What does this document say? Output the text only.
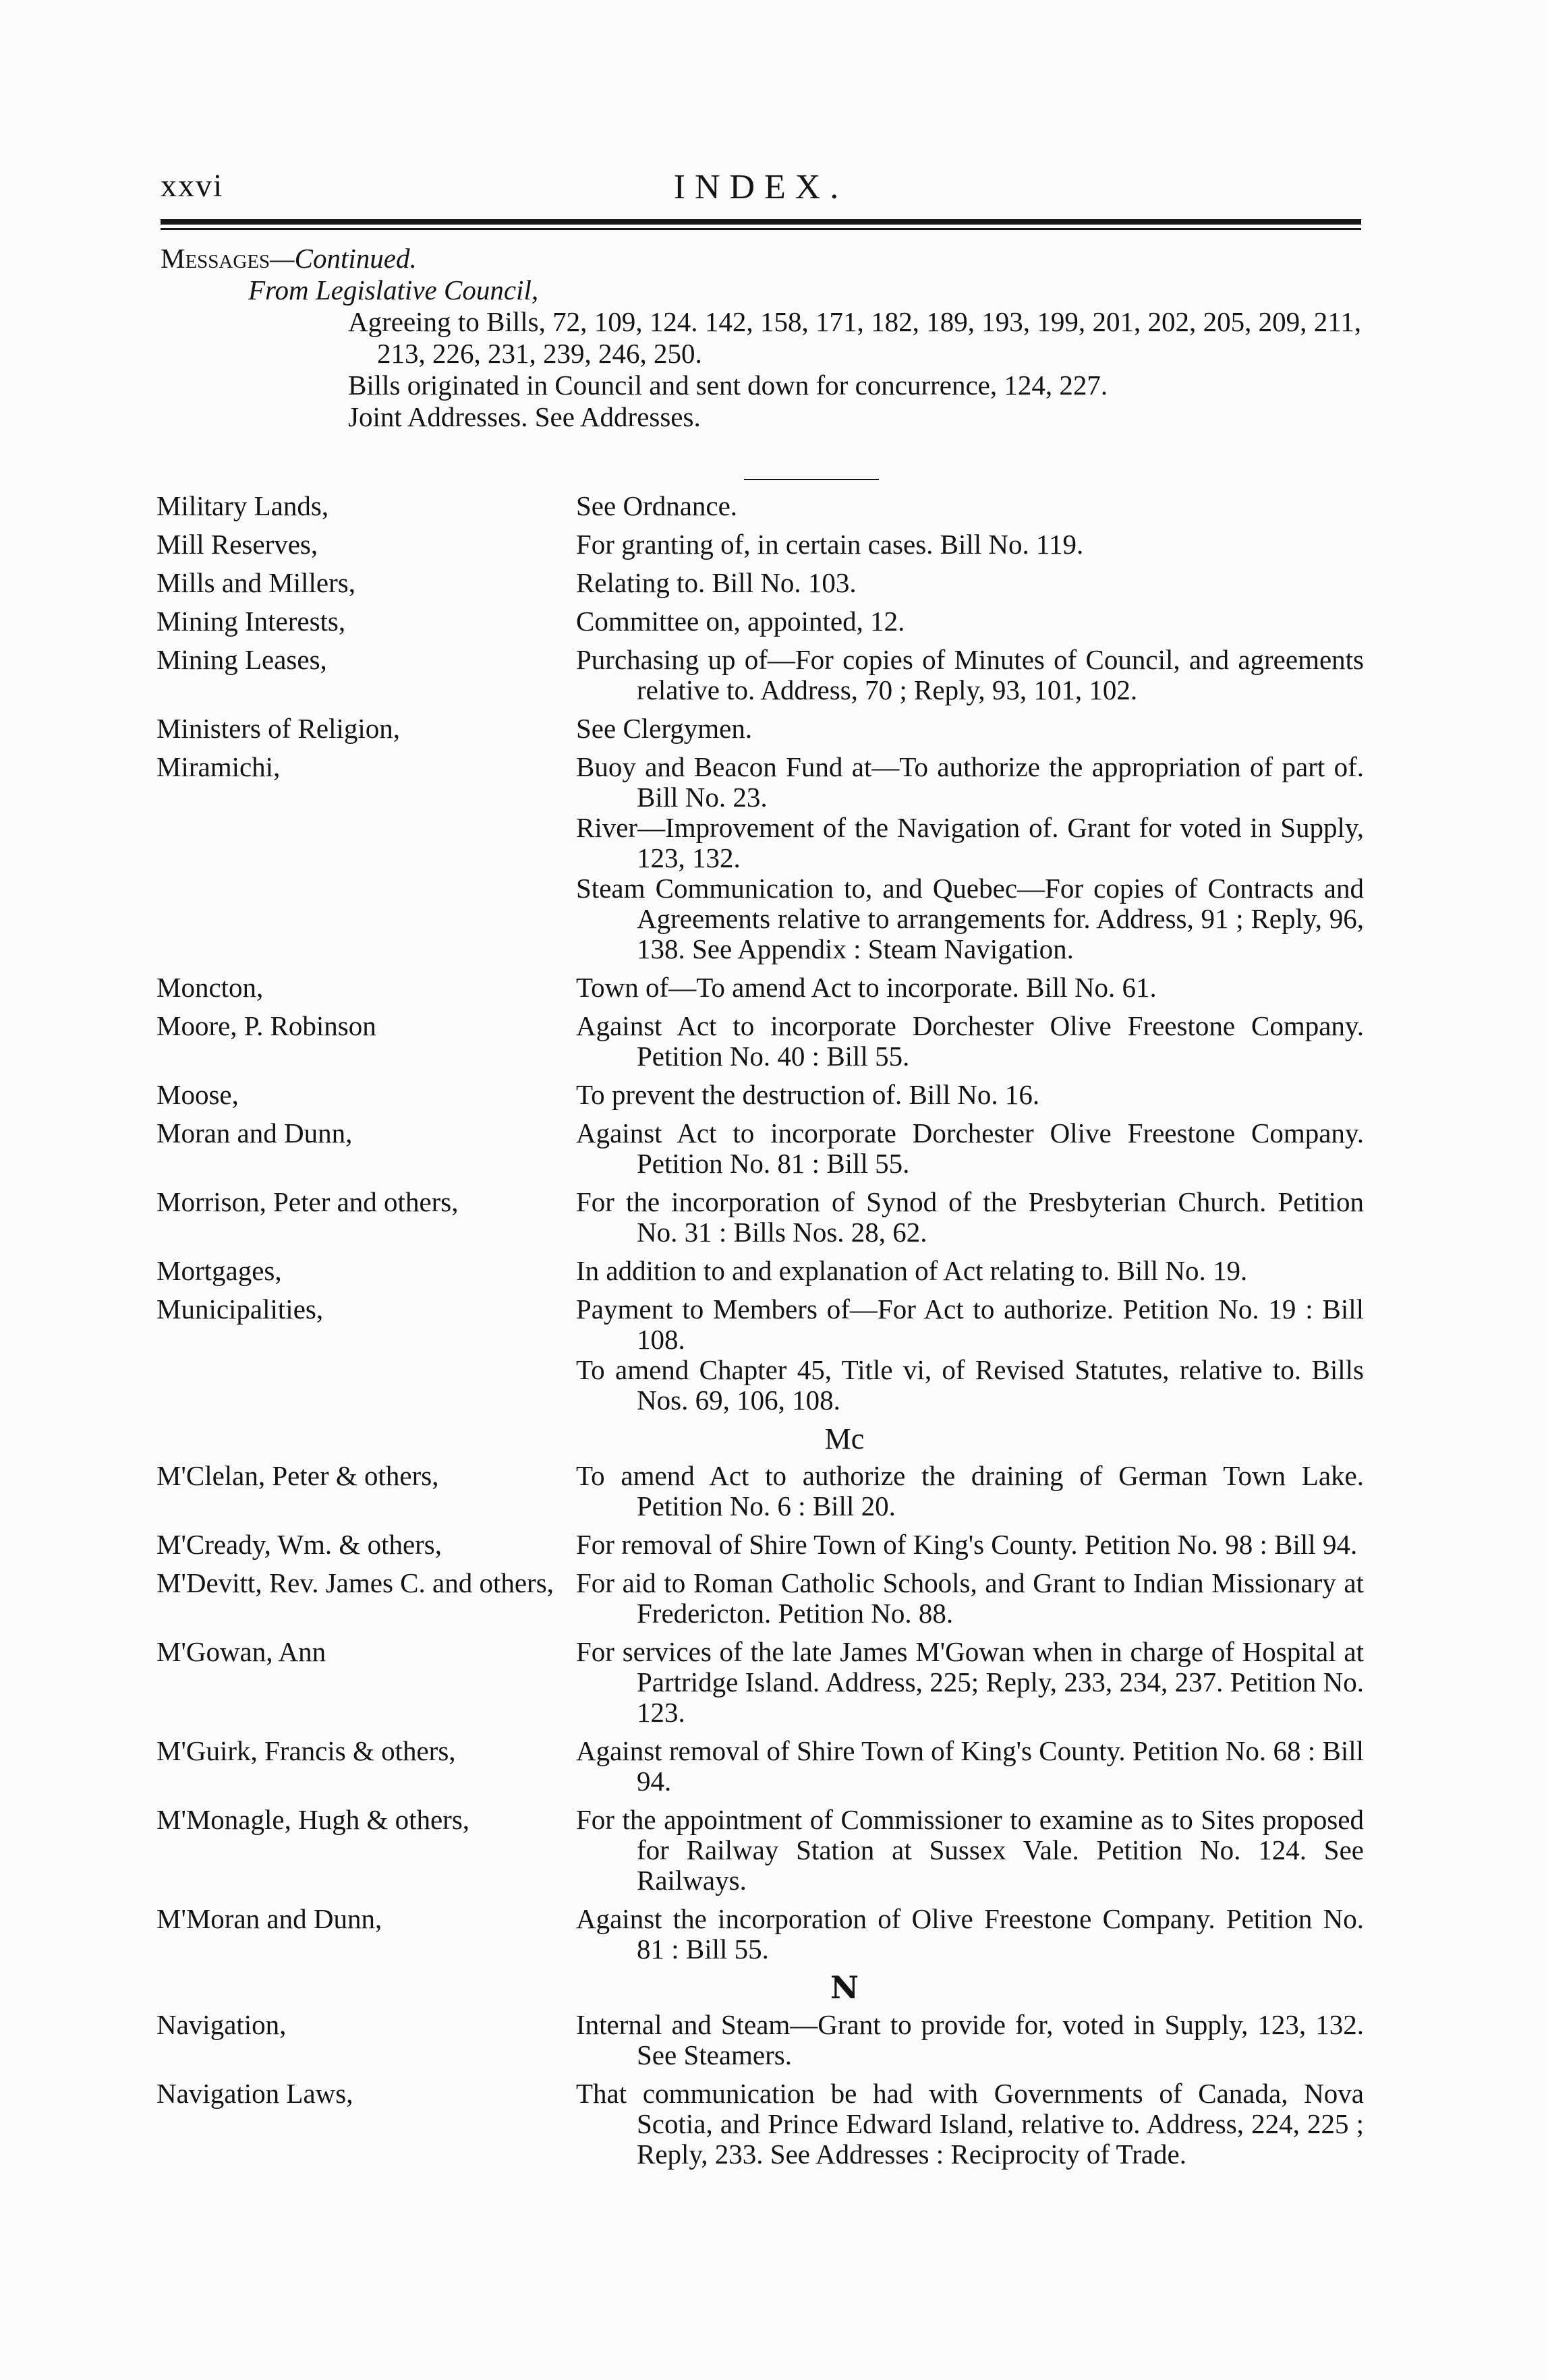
xxvi	INDEX.
Messages—Continued.
From Legislative Council,
Agreeing to Bills, 72, 109, 124. 142, 158, 171, 182, 189, 193, 199, 201, 202, 205, 209, 211, 213, 226, 231, 239, 246, 250.
Bills originated in Council and sent down for concurrence, 124, 227.
Joint Addresses. See Addresses.
Military Lands,	See Ordnance.
Mill Reserves,	For granting of, in certain cases. Bill No. 119.
Mills and Millers,	Relating to. Bill No. 103.
Mining Interests,	Committee on, appointed, 12.
Mining Leases,	Purchasing up of—For copies of Minutes of Council, and agreements relative to. Address, 70 ; Reply, 93, 101, 102.
Ministers of Religion,	See Clergymen.
Miramichi,	Buoy and Beacon Fund at—To authorize the appropriation of part of. Bill No. 23.
River—Improvement of the Navigation of. Grant for voted in Supply, 123, 132.
Steam Communication to, and Quebec—For copies of Contracts and Agreements relative to arrangements for. Address, 91 ; Reply, 96, 138. See Appendix : Steam Navigation.
Moncton,	Town of—To amend Act to incorporate. Bill No. 61.
Moore, P. Robinson	Against Act to incorporate Dorchester Olive Freestone Company. Petition No. 40 : Bill 55.
Moose,	To prevent the destruction of. Bill No. 16.
Moran and Dunn,	Against Act to incorporate Dorchester Olive Freestone Company. Petition No. 81 : Bill 55.
Morrison, Peter and others,	For the incorporation of Synod of the Presbyterian Church. Petition No. 31 : Bills Nos. 28, 62.
Mortgages,	In addition to and explanation of Act relating to. Bill No. 19.
Municipalities,	Payment to Members of—For Act to authorize. Petition No. 19 : Bill 108.
To amend Chapter 45, Title vi, of Revised Statutes, relative to. Bills Nos. 69, 106, 108.
Mc
M'Clelan, Peter & others,	To amend Act to authorize the draining of German Town Lake. Petition No. 6 : Bill 20.
M'Cready, Wm. & others,	For removal of Shire Town of King's County. Petition No. 98 : Bill 94.
M'Devitt, Rev. James C. and others, For aid to Roman Catholic Schools, and Grant to Indian Missionary at Fredericton. Petition No. 88.
M'Gowan, Ann	For services of the late James M'Gowan when in charge of Hospital at Partridge Island. Address, 225; Reply, 233, 234, 237. Petition No. 123.
M'Guirk, Francis & others,	Against removal of Shire Town of King's County. Petition No. 68 : Bill 94.
M'Monagle, Hugh & others,	For the appointment of Commissioner to examine as to Sites proposed for Railway Station at Sussex Vale. Petition No. 124. See Railways.
M'Moran and Dunn,	Against the incorporation of Olive Freestone Company. Petition No. 81 : Bill 55.
N
Navigation,	Internal and Steam—Grant to provide for, voted in Supply, 123, 132. See Steamers.
Navigation Laws,	That communication be had with Governments of Canada, Nova Scotia, and Prince Edward Island, relative to. Address, 224, 225 ; Reply, 233. See Addresses : Reciprocity of Trade.
